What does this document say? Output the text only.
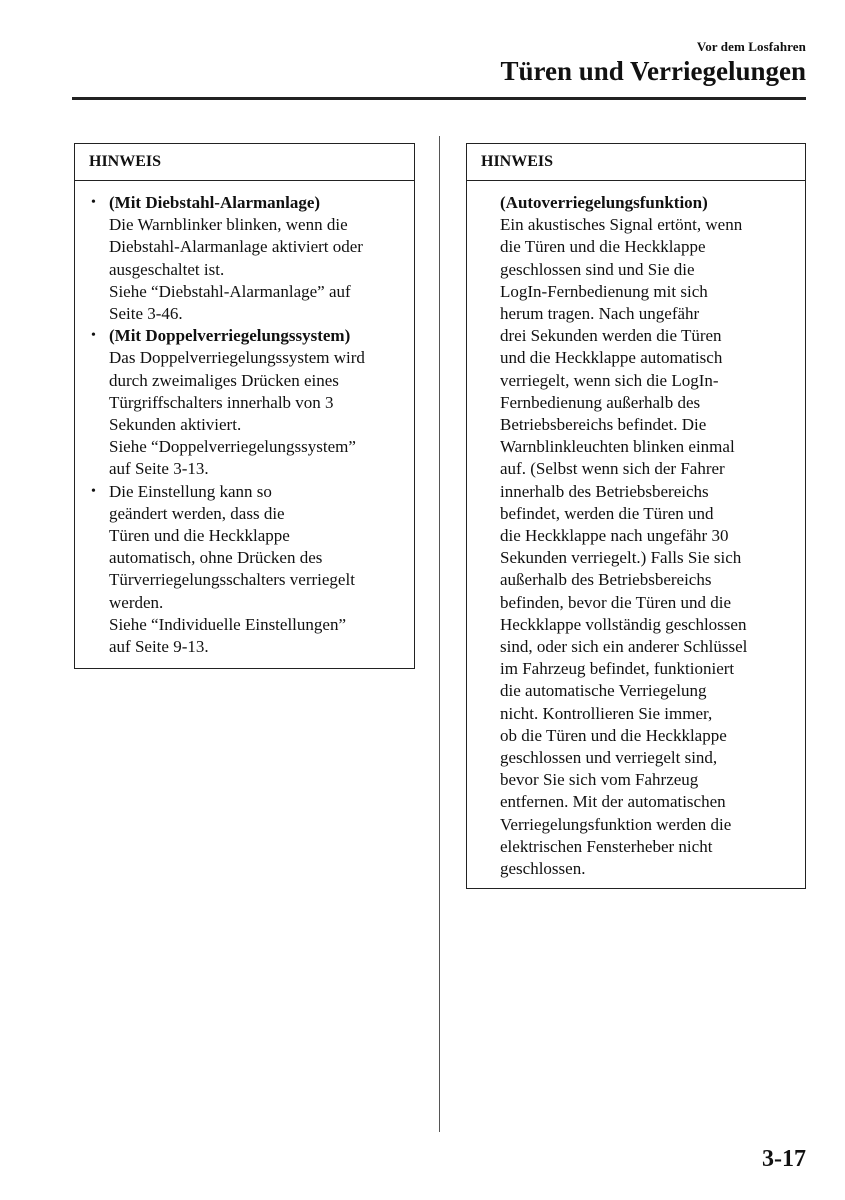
Vor dem Losfahren
Türen und Verriegelungen
HINWEIS
• (Mit Diebstahl-Alarmanlage)
Die Warnblinker blinken, wenn die
Diebstahl-Alarmanlage aktiviert oder
ausgeschaltet ist.
Siehe “Diebstahl-Alarmanlage” auf
Seite 3-46.
• (Mit Doppelverriegelungssystem)
Das Doppelverriegelungssystem wird
durch zweimaliges Drücken eines
Türgriffschalters innerhalb von 3
Sekunden aktiviert.
Siehe “Doppelverriegelungssystem”
auf Seite 3-13.
• Die Einstellung kann so
geändert werden, dass die
Türen und die Heckklappe
automatisch, ohne Drücken des
Türverriegelungsschalters verriegelt
werden.
Siehe “Individuelle Einstellungen”
auf Seite 9-13.
HINWEIS
(Autoverriegelungsfunktion)
Ein akustisches Signal ertönt, wenn
die Türen und die Heckklappe
geschlossen sind und Sie die
LogIn-Fernbedienung mit sich
herum tragen. Nach ungefähr
drei Sekunden werden die Türen
und die Heckklappe automatisch
verriegelt, wenn sich die LogIn-
Fernbedienung außerhalb des
Betriebsbereichs befindet. Die
Warnblinkleuchten blinken einmal
auf. (Selbst wenn sich der Fahrer
innerhalb des Betriebsbereichs
befindet, werden die Türen und
die Heckklappe nach ungefähr 30
Sekunden verriegelt.) Falls Sie sich
außerhalb des Betriebsbereichs
befinden, bevor die Türen und die
Heckklappe vollständig geschlossen
sind, oder sich ein anderer Schlüssel
im Fahrzeug befindet, funktioniert
die automatische Verriegelung
nicht. Kontrollieren Sie immer,
ob die Türen und die Heckklappe
geschlossen und verriegelt sind,
bevor Sie sich vom Fahrzeug
entfernen. Mit der automatischen
Verriegelungsfunktion werden die
elektrischen Fensterheber nicht
geschlossen.
3-17
